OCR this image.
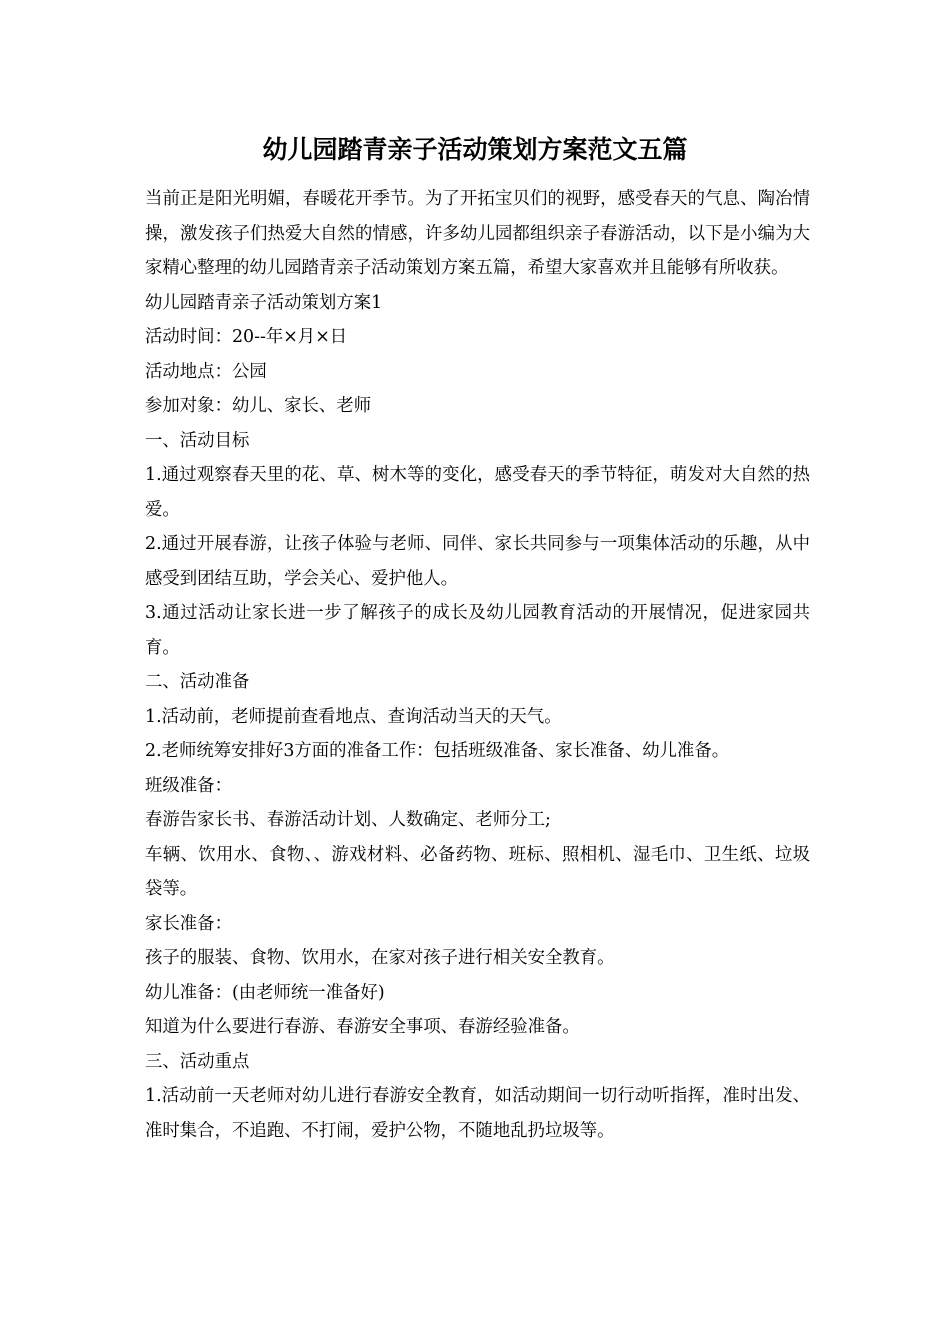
幼儿园踏青亲子活动策划方案范文五篇

当前正是阳光明媚，春暖花开季节。为了开拓宝贝们的视野，感受春天的气息、陶冶情操，激发孩子们热爱大自然的情感，许多幼儿园都组织亲子春游活动，以下是小编为大家精心整理的幼儿园踏青亲子活动策划方案五篇，希望大家喜欢并且能够有所收获。

幼儿园踏青亲子活动策划方案1

活动时间：20--年×月×日

活动地点：公园

参加对象：幼儿、家长、老师

一、活动目标

1.通过观察春天里的花、草、树木等的变化，感受春天的季节特征，萌发对大自然的热爱。

2.通过开展春游，让孩子体验与老师、同伴、家长共同参与一项集体活动的乐趣，从中感受到团结互助，学会关心、爱护他人。

3.通过活动让家长进一步了解孩子的成长及幼儿园教育活动的开展情况，促进家园共育。

二、活动准备

1.活动前，老师提前查看地点、查询活动当天的天气。

2.老师统筹安排好3方面的准备工作：包括班级准备、家长准备、幼儿准备。

班级准备：

春游告家长书、春游活动计划、人数确定、老师分工;

车辆、饮用水、食物、、游戏材料、必备药物、班标、照相机、湿毛巾、卫生纸、垃圾袋等。

家长准备：

孩子的服装、食物、饮用水，在家对孩子进行相关安全教育。

幼儿准备：(由老师统一准备好)

知道为什么要进行春游、春游安全事项、春游经验准备。

三、活动重点

1.活动前一天老师对幼儿进行春游安全教育，如活动期间一切行动听指挥，准时出发、准时集合，不追跑、不打闹，爱护公物，不随地乱扔垃圾等。
